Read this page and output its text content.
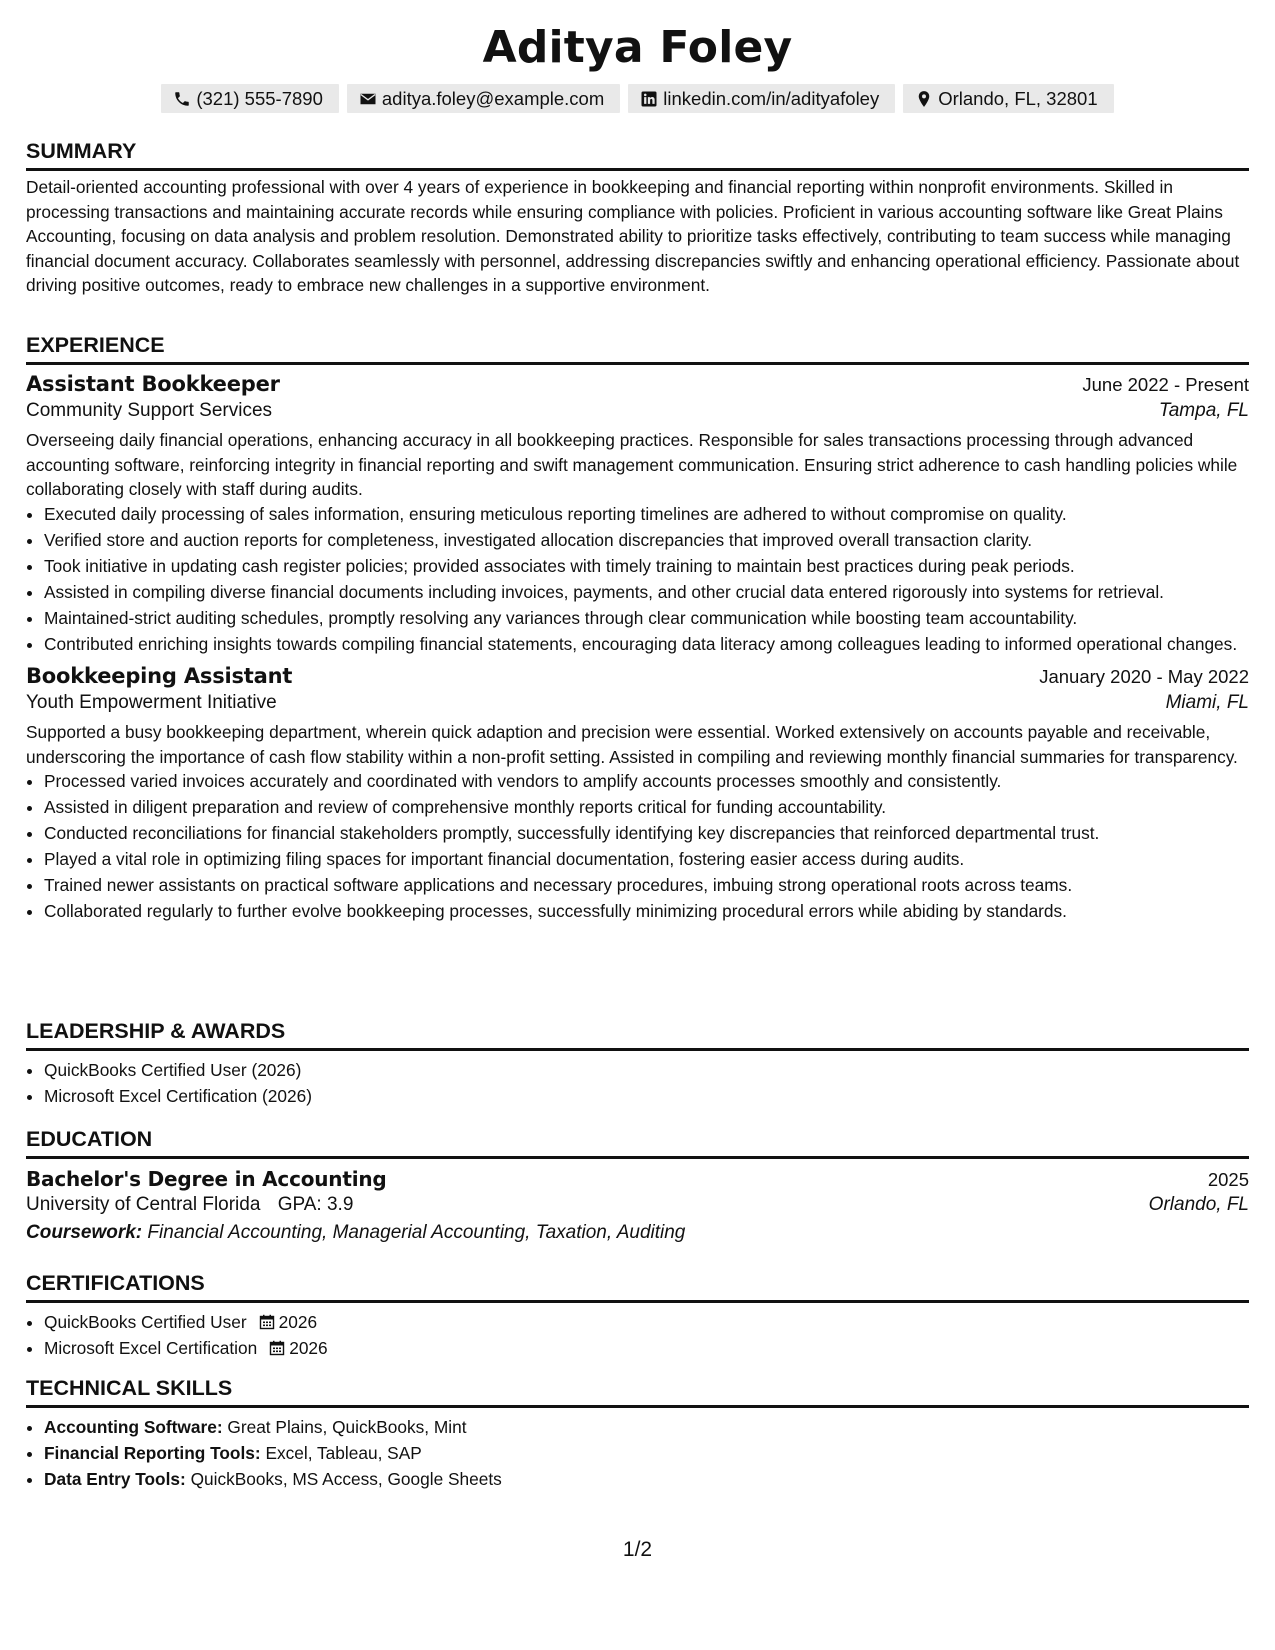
Aditya Foley
(321) 555-7890	aditya.foley@example.com	linkedin.com/in/adityafoley	Orlando, FL, 32801
SUMMARY

Detail-oriented accounting professional with over 4 years of experience in bookkeeping and financial reporting within nonprofit environments. Skilled in processing transactions and maintaining accurate records while ensuring compliance with policies. Proficient in various accounting software like Great Plains Accounting, focusing on data analysis and problem resolution. Demonstrated ability to prioritize tasks effectively, contributing to team success while managing financial document accuracy. Collaborates seamlessly with personnel, addressing discrepancies swiftly and enhancing operational efficiency. Passionate about driving positive outcomes, ready to embrace new challenges in a supportive environment.

EXPERIENCE
Assistant Bookkeeper	June 2022 - Present
Community Support Services	Tampa, FL

Overseeing daily financial operations, enhancing accuracy in all bookkeeping practices. Responsible for sales transactions processing through advanced accounting software, reinforcing integrity in financial reporting and swift management communication. Ensuring strict adherence to cash handling policies while collaborating closely with staff during audits.

• Executed daily processing of sales information, ensuring meticulous reporting timelines are adhered to without compromise on quality.
• Verified store and auction reports for completeness, investigated allocation discrepancies that improved overall transaction clarity.
• Took initiative in updating cash register policies; provided associates with timely training to maintain best practices during peak periods.
• Assisted in compiling diverse financial documents including invoices, payments, and other crucial data entered rigorously into systems for retrieval.
• Maintained-strict auditing schedules, promptly resolving any variances through clear communication while boosting team accountability.
• Contributed enriching insights towards compiling financial statements, encouraging data literacy among colleagues leading to informed operational changes.
Bookkeeping Assistant	January 2020 - May 2022
Youth Empowerment Initiative	Miami, FL

Supported a busy bookkeeping department, wherein quick adaption and precision were essential. Worked extensively on accounts payable and receivable, underscoring the importance of cash flow stability within a non-profit setting. Assisted in compiling and reviewing monthly financial summaries for transparency.

• Processed varied invoices accurately and coordinated with vendors to amplify accounts processes smoothly and consistently.
• Assisted in diligent preparation and review of comprehensive monthly reports critical for funding accountability.
• Conducted reconciliations for financial stakeholders promptly, successfully identifying key discrepancies that reinforced departmental trust.
• Played a vital role in optimizing filing spaces for important financial documentation, fostering easier access during audits.
• Trained newer assistants on practical software applications and necessary procedures, imbuing strong operational roots across teams.
• Collaborated regularly to further evolve bookkeeping processes, successfully minimizing procedural errors while abiding by standards.
LEADERSHIP & AWARDS
• QuickBooks Certified User (2026)
• Microsoft Excel Certification (2026)
EDUCATION
Bachelor's Degree in Accounting	2025
University of Central Florida GPA: 3.9	Orlando, FL
Coursework: Financial Accounting, Managerial Accounting, Taxation, Auditing
CERTIFICATIONS
• QuickBooks Certified User 2026
• Microsoft Excel Certification 2026
TECHNICAL SKILLS
• Accounting Software: Great Plains, QuickBooks, Mint
• Financial Reporting Tools: Excel, Tableau, SAP
• Data Entry Tools: QuickBooks, MS Access, Google Sheets
1/2
